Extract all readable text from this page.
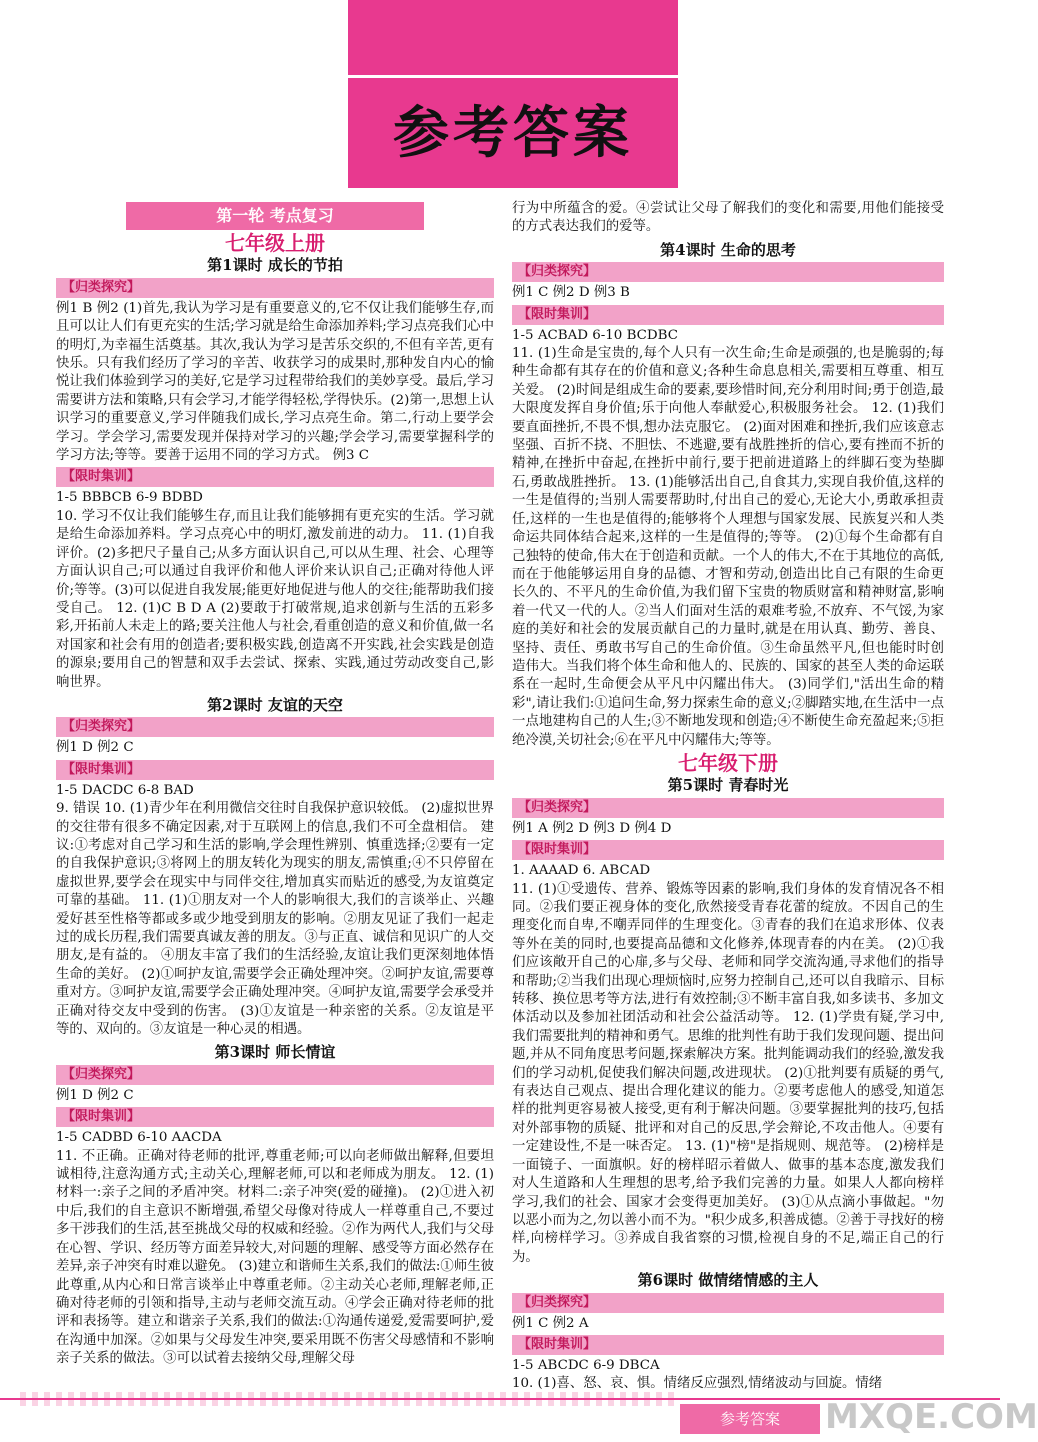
参考答案
第一轮 考点复习
七年级上册
第1课时 成长的节拍
【归类探究】

例1 B 例2 (1)首先,我认为学习是有重要意义的,它不仅让我们能够生存,而且可以让人们有更充实的生活;学习就是给生命添加养料;学习点亮我们心中的明灯,为幸福生活奠基。其次,我认为学习是苦乐交织的,不但有辛苦,更有快乐。只有我们经历了学习的辛苦、收获学习的成果时,那种发自内心的愉悦让我们体验到学习的美好,它是学习过程带给我们的美妙享受。最后,学习需要讲方法和策略,只有会学习,才能学得轻松,学得快乐。(2)第一,思想上认识学习的重要意义,学习伴随我们成长,学习点亮生命。第二,行动上要学会学习。学会学习,需要发现并保持对学习的兴趣;学会学习,需要掌握科学的学习方法;等等。要善于运用不同的学习方式。 例3 C

【限时集训】

1-5 BBBCB 6-9 BDBD

10. 学习不仅让我们能够生存,而且让我们能够拥有更充实的生活。学习就是给生命添加养料。学习点亮心中的明灯,激发前进的动力。 11. (1)自我评价。(2)多把尺子量自己;从多方面认识自己,可以从生理、社会、心理等方面认识自己;可以通过自我评价和他人评价来认识自己;正确对待他人评价;等等。(3)可以促进自我发展;能更好地促进与他人的交往;能帮助我们接受自己。 12. (1)C B D A (2)要敢于打破常规,追求创新与生活的五彩多彩,开拓前人未走上的路;要关注他人与社会,看重创造的意义和价值,做一名对国家和社会有用的创造者;要积极实践,创造离不开实践,社会实践是创造的源泉;要用自己的智慧和双手去尝试、探索、实践,通过劳动改变自己,影响世界。

第2课时 友谊的天空
【归类探究】

例1 D 例2 C

【限时集训】

1-5 DACDC 6-8 BAD

9. 错误 10. (1)青少年在利用微信交往时自我保护意识较低。 (2)虚拟世界的交往带有很多不确定因素,对于互联网上的信息,我们不可全盘相信。 建议:①考虑对自己学习和生活的影响,学会理性辨别、慎重选择;②要有一定的自我保护意识;③将网上的朋友转化为现实的朋友,需慎重;④不只停留在虚拟世界,要学会在现实中与同伴交往,增加真实而贴近的感受,为友谊奠定可靠的基础。 11. (1)①朋友对一个人的影响很大,我们的言谈举止、兴趣爱好甚至性格等都或多或少地受到朋友的影响。②朋友见证了我们一起走过的成长历程,我们需要真诚友善的朋友。③与正直、诚信和见识广的人交朋友,是有益的。 ④朋友丰富了我们的生活经验,友谊让我们更深刻地体悟生命的美好。 (2)①呵护友谊,需要学会正确处理冲突。②呵护友谊,需要尊重对方。③呵护友谊,需要学会正确处理冲突。④呵护友谊,需要学会承受并正确对待交友中受到的伤害。 (3)①友谊是一种亲密的关系。②友谊是平等的、双向的。③友谊是一种心灵的相遇。

第3课时 师长情谊
【归类探究】

例1 D 例2 C

【限时集训】

1-5 CADBD 6-10 AACDA

11. 不正确。正确对待老师的批评,尊重老师;可以向老师做出解释,但要坦诚相待,注意沟通方式;主动关心,理解老师,可以和老师成为朋友。 12. (1)材料一:亲子之间的矛盾冲突。材料二:亲子冲突(爱的碰撞)。 (2)①进入初中后,我们的自主意识不断增强,希望父母像对待成人一样尊重自己,不要过多干涉我们的生活,甚至挑战父母的权威和经验。②作为两代人,我们与父母在心智、学识、经历等方面差异较大,对问题的理解、感受等方面必然存在差异,亲子冲突有时难以避免。 (3)建立和谐师生关系,我们的做法:①师生彼此尊重,从内心和日常言谈举止中尊重老师。②主动关心老师,理解老师,正确对待老师的引领和指导,主动与老师交流互动。④学会正确对待老师的批评和表扬等。建立和谐亲子关系,我们的做法:①沟通传递爱,爱需要呵护,爱在沟通中加深。②如果与父母发生冲突,要采用既不伤害父母感情和不影响亲子关系的做法。③可以试着去接纳父母,理解父母

行为中所蕴含的爱。④尝试让父母了解我们的变化和需要,用他们能接受的方式表达我们的爱等。

第4课时 生命的思考
【归类探究】

例1 C 例2 D 例3 B

【限时集训】

1-5 ACBAD 6-10 BCDBC

11. (1)生命是宝贵的,每个人只有一次生命;生命是顽强的,也是脆弱的;每种生命都有其存在的价值和意义;各种生命息息相关,需要相互尊重、相互关爱。 (2)时间是组成生命的要素,要珍惜时间,充分利用时间;勇于创造,最大限度发挥自身价值;乐于向他人奉献爱心,积极服务社会。 12. (1)我们要直面挫折,不畏不惧,想办法克服它。 (2)面对困难和挫折,我们应该意志坚强、百折不挠、不胆怯、不逃避,要有战胜挫折的信心,要有挫而不折的精神,在挫折中奋起,在挫折中前行,要于把前进道路上的绊脚石变为垫脚石,勇敢战胜挫折。 13. (1)能够活出自己,自食其力,实现自我价值,这样的一生是值得的;当别人需要帮助时,付出自己的爱心,无论大小,勇敢承担责任,这样的一生也是值得的;能够将个人理想与国家发展、民族复兴和人类命运共同体结合起来,这样的一生是值得的;等等。 (2)①每个生命都有自己独特的使命,伟大在于创造和贡献。一个人的伟大,不在于其地位的高低,而在于他能够运用自身的品德、才智和劳动,创造出比自己有限的生命更长久的、不平凡的生命价值,为我们留下宝贵的物质财富和精神财富,影响着一代又一代的人。②当人们面对生活的艰难考验,不放弃、不气馁,为家庭的美好和社会的发展贡献自己的力量时,就是在用认真、勤劳、善良、坚持、责任、勇敢书写自己的生命价值。③生命虽然平凡,但也能时时创造伟大。当我们将个体生命和他人的、民族的、国家的甚至人类的命运联系在一起时,生命便会从平凡中闪耀出伟大。 (3)同学们,"活出生命的精彩",请让我们:①追问生命,努力探索生命的意义;②脚踏实地,在生活中一点一点地建构自己的人生;③不断地发现和创造;④不断使生命充盈起来;⑤拒绝冷漠,关切社会;⑥在平凡中闪耀伟大;等等。

七年级下册
第5课时 青春时光
【归类探究】

例1 A 例2 D 例3 D 例4 D

【限时集训】

1. AAAAD 6. ABCAD

11. (1)①受遗传、营养、锻炼等因素的影响,我们身体的发育情况各不相同。②我们要正视身体的变化,欣然接受青春花蕾的绽放。不因自己的生理变化而自卑,不嘲弄同伴的生理变化。③青春的我们在追求形体、仪表等外在美的同时,也要提高品德和文化修养,体现青春的内在美。 (2)①我们应该敞开自己的心扉,多与父母、老师和同学交流沟通,寻求他们的指导和帮助;②当我们出现心理烦恼时,应努力控制自己,还可以自我暗示、目标转移、换位思考等方法,进行有效控制;③不断丰富自我,如多读书、多加文体活动以及参加社团活动和社会公益活动等。 12. (1)学贵有疑,学习中,我们需要批判的精神和勇气。思维的批判性有助于我们发现问题、提出问题,并从不同角度思考问题,探索解决方案。批判能调动我们的经验,激发我们的学习动机,促使我们解决问题,改进现状。 (2)①批判要有质疑的勇气,有表达自己观点、提出合理化建议的能力。②要考虑他人的感受,知道怎样的批判更容易被人接受,更有利于解决问题。③要掌握批判的技巧,包括对外部事物的质疑、批评和对自己的反思,学会辩论,不攻击他人。④要有一定建设性,不是一味否定。 13. (1)"榜"是指规则、规范等。 (2)榜样是一面镜子、一面旗帜。好的榜样昭示着做人、做事的基本态度,激发我们对人生道路和人生理想的思考,给予我们完善的力量。如果人人都向榜样学习,我们的社会、国家才会变得更加美好。 (3)①从点滴小事做起。"勿以恶小而为之,勿以善小而不为。"积少成多,积善成德。②善于寻找好的榜样,向榜样学习。③养成自我省察的习惯,检视自身的不足,端正自己的行为。

第6课时 做情绪情感的主人
【归类探究】

例1 C 例2 A

【限时集训】

1-5 ABCDC 6-9 DBCA

10. (1)喜、怒、哀、惧。情绪反应强烈,情绪波动与回旋。情绪

参考答案	MXQE.COM
